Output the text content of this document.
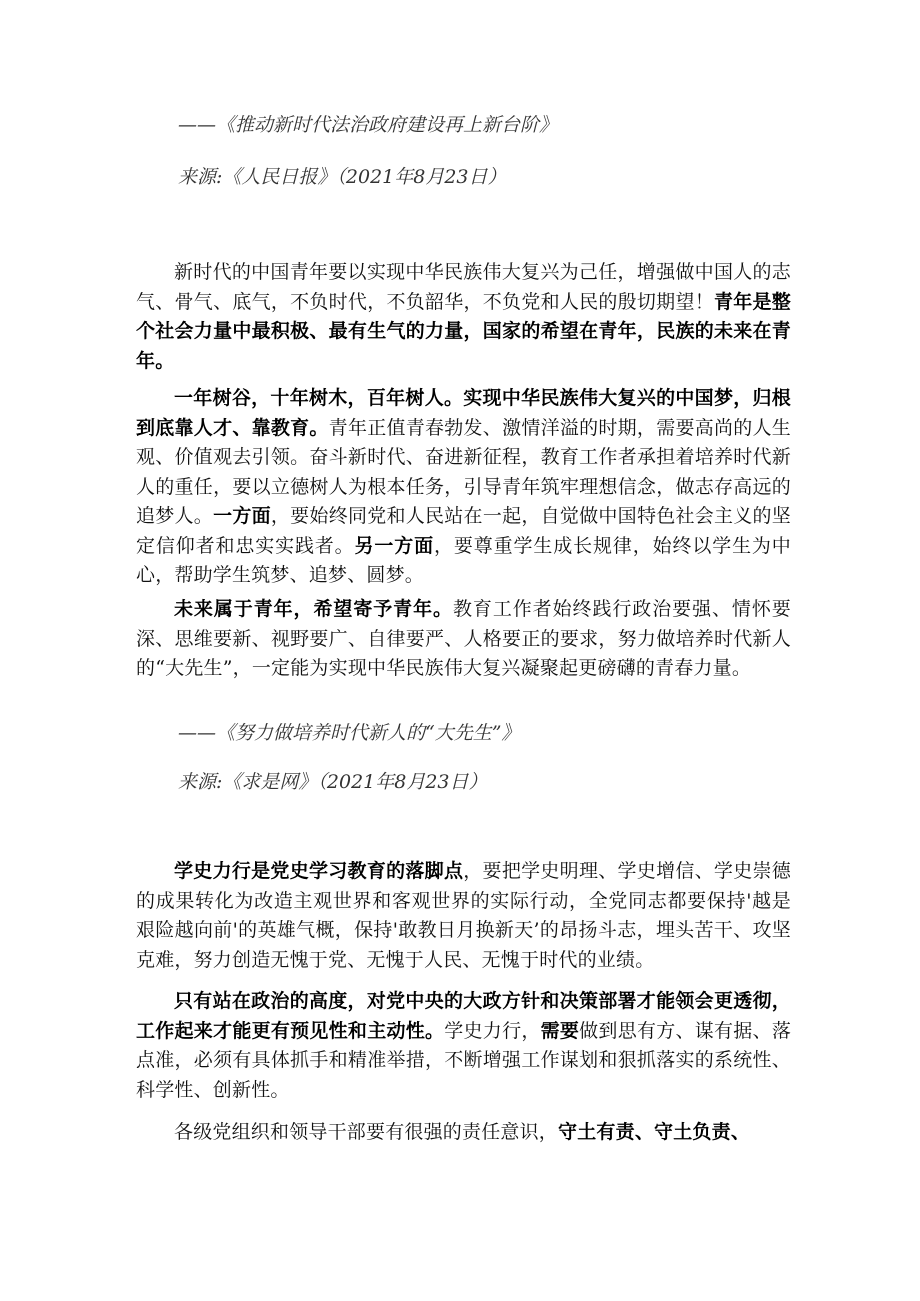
——《推动新时代法治政府建设再上新台阶》
来源:《人民日报》（2021年8月23日）
新时代的中国青年要以实现中华民族伟大复兴为己任，增强做中国人的志气、骨气、底气，不负时代，不负韶华，不负党和人民的殷切期望！青年是整个社会力量中最积极、最有生气的力量，国家的希望在青年，民族的未来在青年。
一年树谷，十年树木，百年树人。实现中华民族伟大复兴的中国梦，归根到底靠人才、靠教育。青年正值青春勃发、激情洋溢的时期，需要高尚的人生观、价值观去引领。奋斗新时代、奋进新征程，教育工作者承担着培养时代新人的重任，要以立德树人为根本任务，引导青年筑牢理想信念，做志存高远的追梦人。一方面，要始终同党和人民站在一起，自觉做中国特色社会主义的坚定信仰者和忠实实践者。另一方面，要尊重学生成长规律，始终以学生为中心，帮助学生筑梦、追梦、圆梦。
未来属于青年，希望寄予青年。教育工作者始终践行政治要强、情怀要深、思维要新、视野要广、自律要严、人格要正的要求，努力做培养时代新人的“大先生”，一定能为实现中华民族伟大复兴凝聚起更磅礴的青春力量。
——《努力做培养时代新人的“大先生”》
来源:《求是网》（2021年8月23日）
学史力行是党史学习教育的落脚点，要把学史明理、学史增信、学史崇德的成果转化为改造主观世界和客观世界的实际行动，全党同志都要保持'越是艰险越向前'的英雄气概，保持'敢教日月换新天’的昂扬斗志，埋头苦干、攻坚克难，努力创造无愧于党、无愧于人民、无愧于时代的业绩。
只有站在政治的高度，对党中央的大政方针和决策部署才能领会更透彻，工作起来才能更有预见性和主动性。学史力行，需要做到思有方、谋有据、落点准，必须有具体抓手和精准举措，不断增强工作谋划和狠抓落实的系统性、科学性、创新性。
各级党组织和领导干部要有很强的责任意识，守土有责、守土负责、
